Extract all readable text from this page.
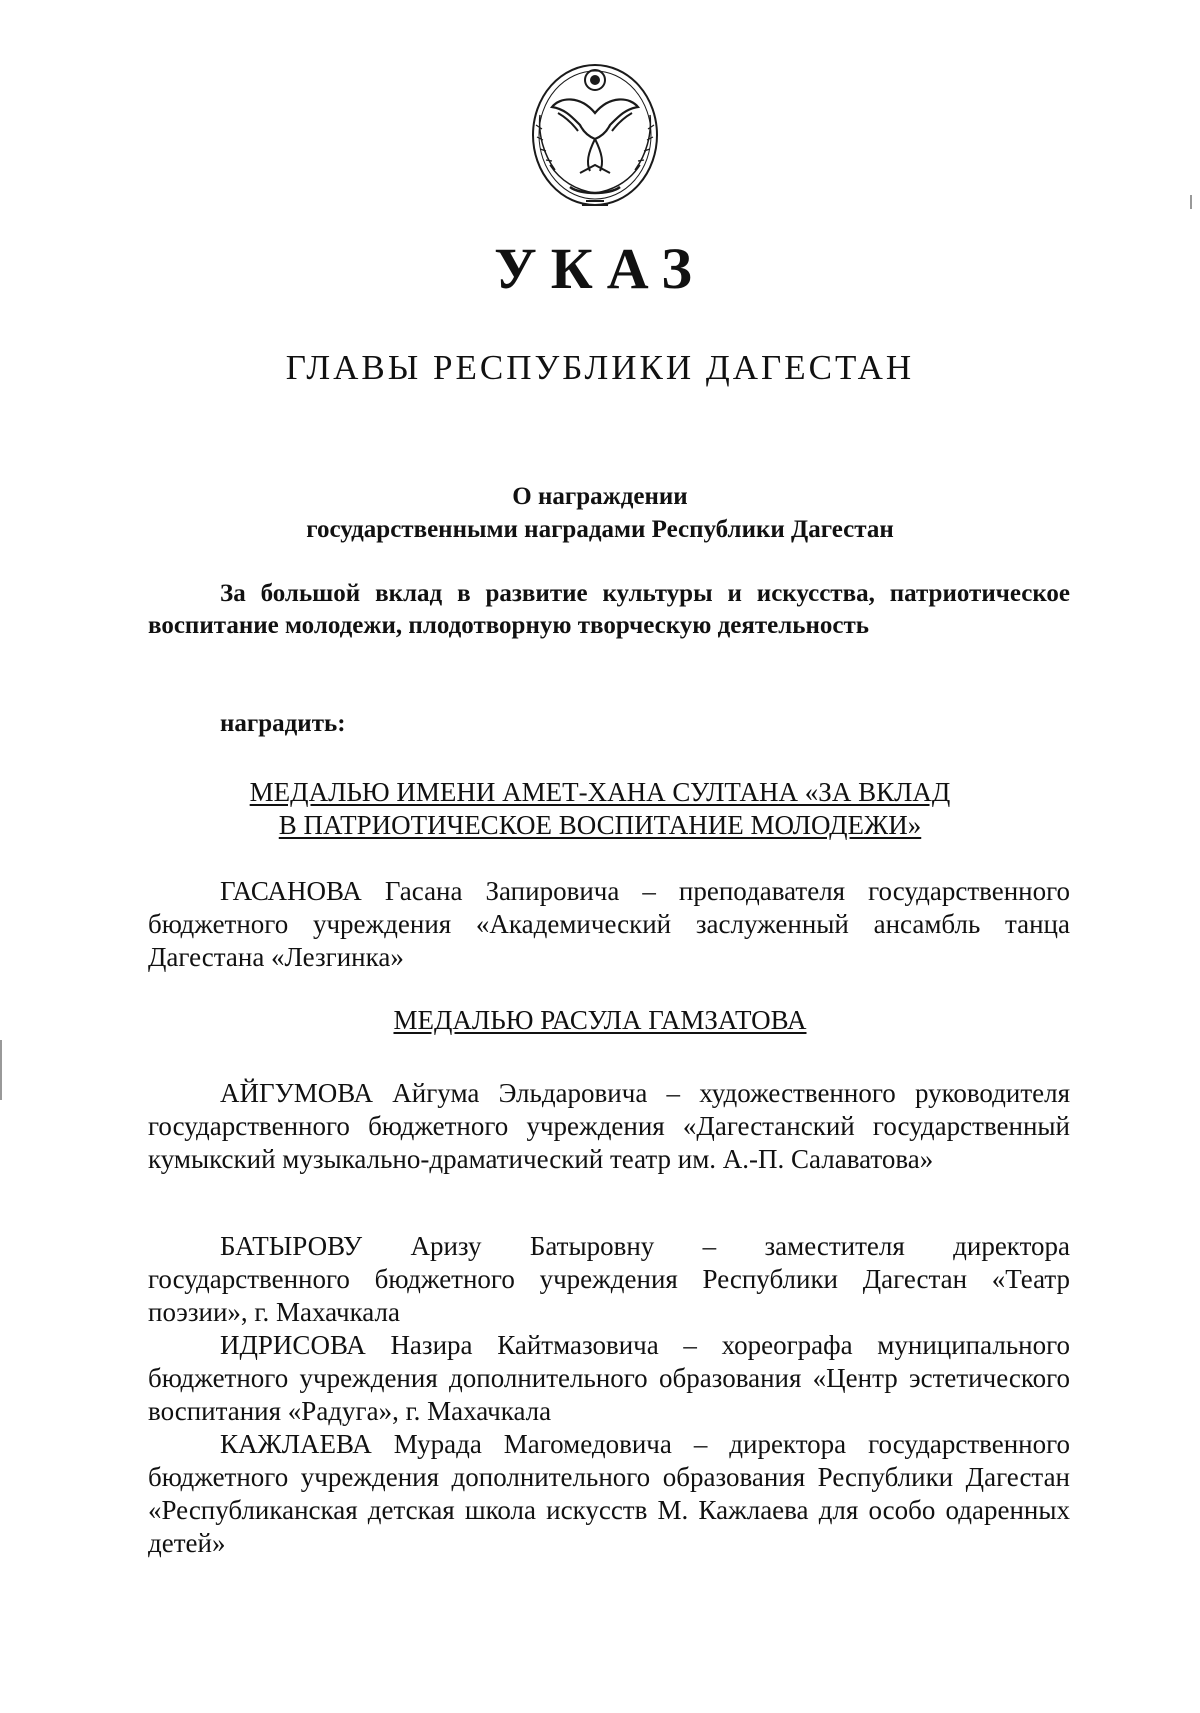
УКАЗ
ГЛАВЫ РЕСПУБЛИКИ ДАГЕСТАН
О награждении
государственными наградами Республики Дагестан
За большой вклад в развитие культуры и искусства, патриотическое воспитание молодежи, плодотворную творческую деятельность
наградить:
МЕДАЛЬЮ ИМЕНИ АМЕТ-ХАНА СУЛТАНА «ЗА ВКЛАД
В ПАТРИОТИЧЕСКОЕ ВОСПИТАНИЕ МОЛОДЕЖИ»
ГАСАНОВА Гасана Запировича – преподавателя государственного бюджетного учреждения «Академический заслуженный ансамбль танца Дагестана «Лезгинка»
МЕДАЛЬЮ РАСУЛА ГАМЗАТОВА
АЙГУМОВА Айгума Эльдаровича – художественного руководителя государственного бюджетного учреждения «Дагестанский государственный кумыкский музыкально-драматический театр им. А.-П. Салаватова»
БАТЫРОВУ Аризу Батыровну – заместителя директора государственного бюджетного учреждения Республики Дагестан «Театр поэзии», г. Махачкала
ИДРИСОВА Назира Кайтмазовича – хореографа муниципального бюджетного учреждения дополнительного образования «Центр эстетического воспитания «Радуга», г. Махачкала
КАЖЛАЕВА Мурада Магомедовича – директора государственного бюджетного учреждения дополнительного образования Республики Дагестан «Республиканская детская школа искусств М. Кажлаева для особо одаренных детей»
